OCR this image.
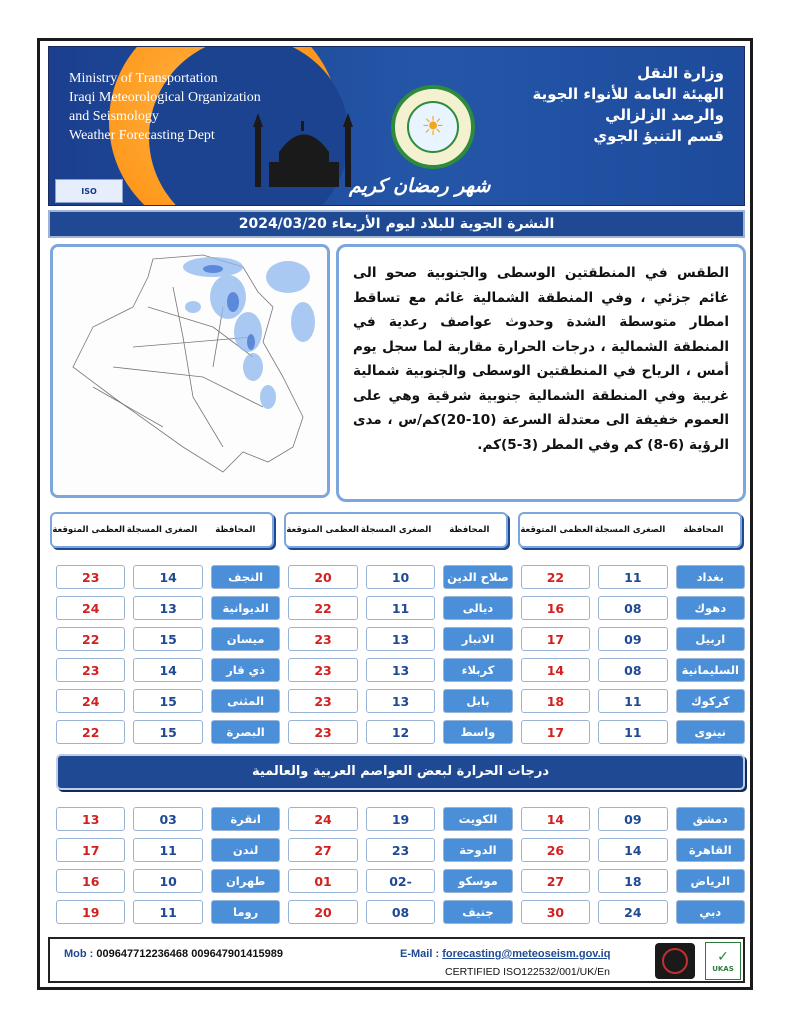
Ministry of Transportation
Iraqi Meteorological Organization
and Seismology
Weather Forecasting Dept	☀
وزارة النقل
الهيئة العامة للأنواء الجوية
والرصد الزلزالي
قسم التنبؤ الجوي
شهر رمضان كريم
ISO
النشرة الجوية للبلاد ليوم الأربعاء 2024/03/20

الطقس في المنطقتين الوسطى والجنوبية صحو الى غائم جزئي ، وفي المنطقة الشمالية غائم مع تساقط امطار متوسطة الشدة وحدوث عواصف رعدية في المنطقة الشمالية ، درجات الحرارة مقاربة لما سجل يوم أمس ، الرياح في المنطقتين الوسطى والجنوبية شمالية غربية وفي المنطقة الشمالية جنوبية شرقية وهي على العموم خفيفة الى معتدلة السرعة (10-20)كم/س ، مدى الرؤية (6-8) كم وفي المطر (3-5)كم.

المحافظة
الصغرى المسجلة
العظمى المتوقعة
المحافظة
الصغرى المسجلة
العظمى المتوقعة
المحافظة
الصغرى المسجلة
العظمى المتوقعة
بغداد
11
22
صلاح الدين
10
20
النجف
14
23
دهوك
08
16
ديالى
11
22
الديوانية
13
24
اربيل
09
17
الانبار
13
23
ميسان
15
22
السليمانية
08
14
كربلاء
13
23
ذي قار
14
23
كركوك
11
18
بابل
13
23
المثنى
15
24
نينوى
11
17
واسط
12
23
البصرة
15
22
درجات الحرارة لبعض العواصم العربية والعالمية
دمشق
09
14
الكويت
19
24
انقرة
03
13
القاهرة
14
26
الدوحة
23
27
لندن
11
17
الرياض
18
27
موسكو
-02
01
طهران
10
16
دبي
24
30
جنيف
08
20
روما
11
19
Mob : 009647712236468 009647901415989	E-Mail : forecasting@meteoseism.gov.iq
CERTIFIED ISO122532/001/UK/En
✓
UKAS
